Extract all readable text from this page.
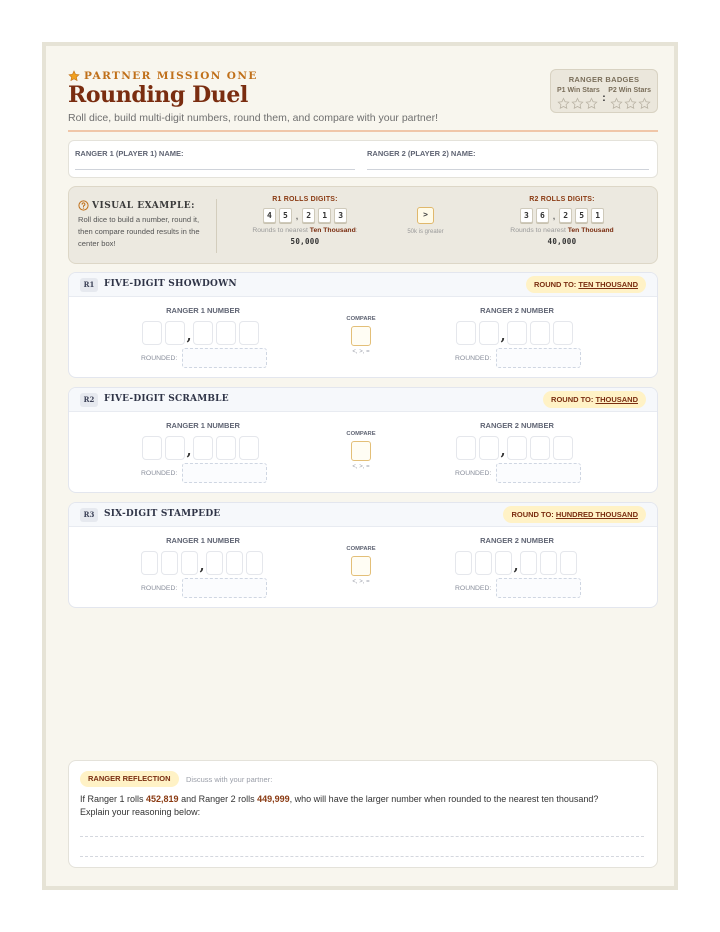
PARTNER MISSION ONE
Rounding Duel
Roll dice, build multi-digit numbers, round them, and compare with your partner!
RANGER BADGES
P1 Win Stars P2 Win Stars
:
RANGER 1 (PLAYER 1) NAME:	RANGER 2 (PLAYER 2) NAME:
VISUAL EXAMPLE:
Roll dice to build a number, round it, then compare rounded results in the center box!
R1 ROLLS DIGITS:
4	5	,	2	1	3
Rounds to nearest Ten Thousand:
50,000
>
50k is greater
R2 ROLLS DIGITS:
3	6	,	2	5	1
Rounds to nearest Ten Thousand
40,000
R1	FIVE-DIGIT SHOWDOWN	ROUND TO: TEN THOUSAND
RANGER 1 NUMBER
,
ROUNDED:
COMPARE
<, >, =
RANGER 2 NUMBER
,
ROUNDED:
R2	FIVE-DIGIT SCRAMBLE	ROUND TO: THOUSAND
RANGER 1 NUMBER
,
ROUNDED:
COMPARE
<, >, =
RANGER 2 NUMBER
,
ROUNDED:
R3	SIX-DIGIT STAMPEDE	ROUND TO: HUNDRED THOUSAND
RANGER 1 NUMBER
,
ROUNDED:
COMPARE
<, >, =
RANGER 2 NUMBER
,
ROUNDED:
RANGER REFLECTION	Discuss with your partner:
If Ranger 1 rolls 452,819 and Ranger 2 rolls 449,999, who will have the larger number when rounded to the nearest ten thousand?
Explain your reasoning below:
